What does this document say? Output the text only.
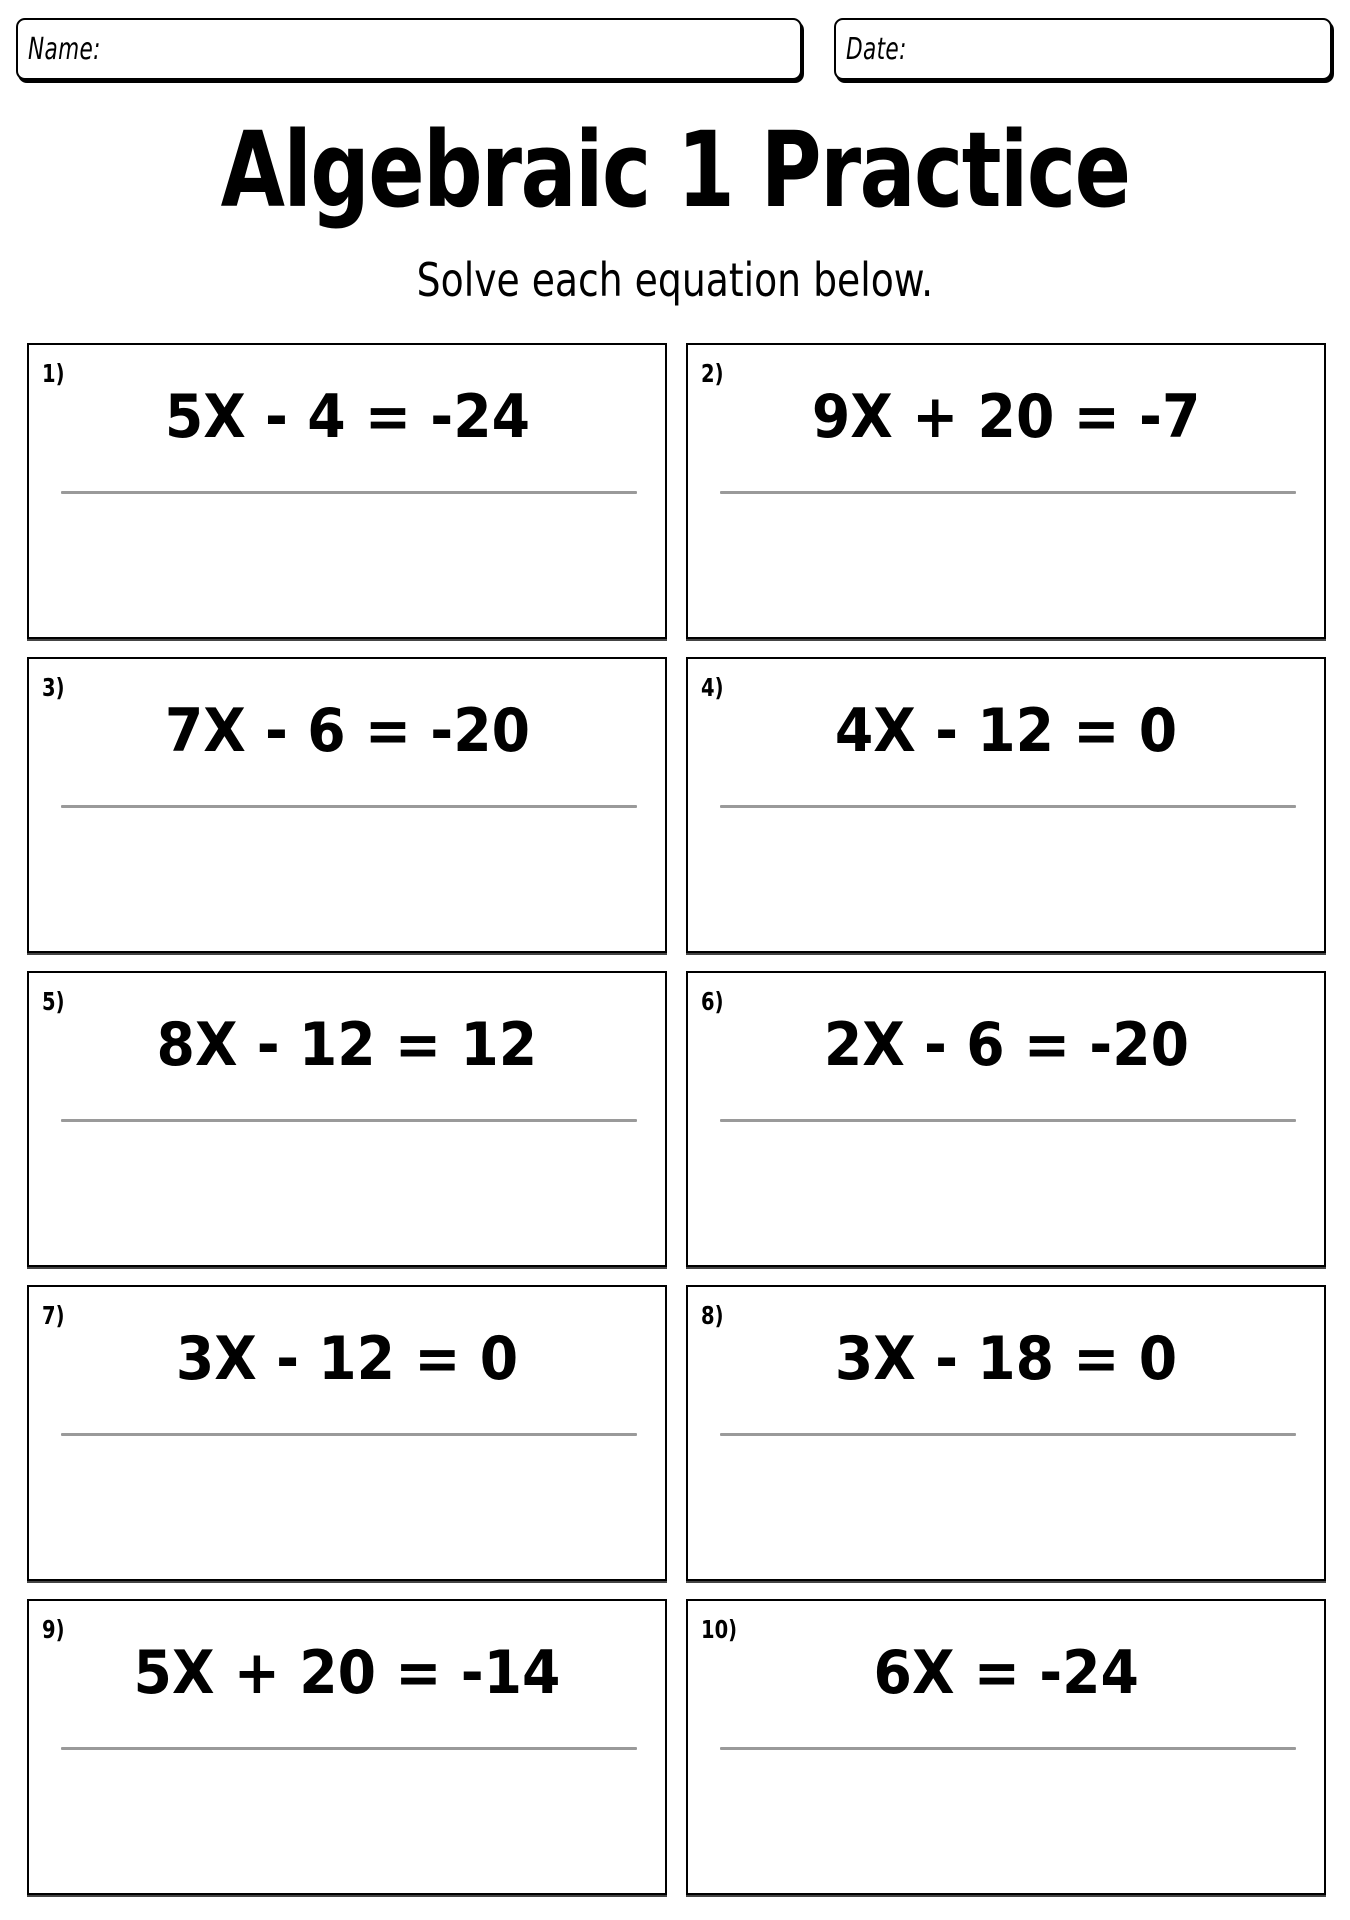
Name:	Date:
Algebraic 1 Practice
Solve each equation below.
1)
5X - 4 = -24
2)
9X + 20 = -7
3)
7X - 6 = -20
4)
4X - 12 = 0
5)
8X - 12 = 12
6)
2X - 6 = -20
7)
3X - 12 = 0
8)
3X - 18 = 0
9)
5X + 20 = -14
10)
6X = -24
